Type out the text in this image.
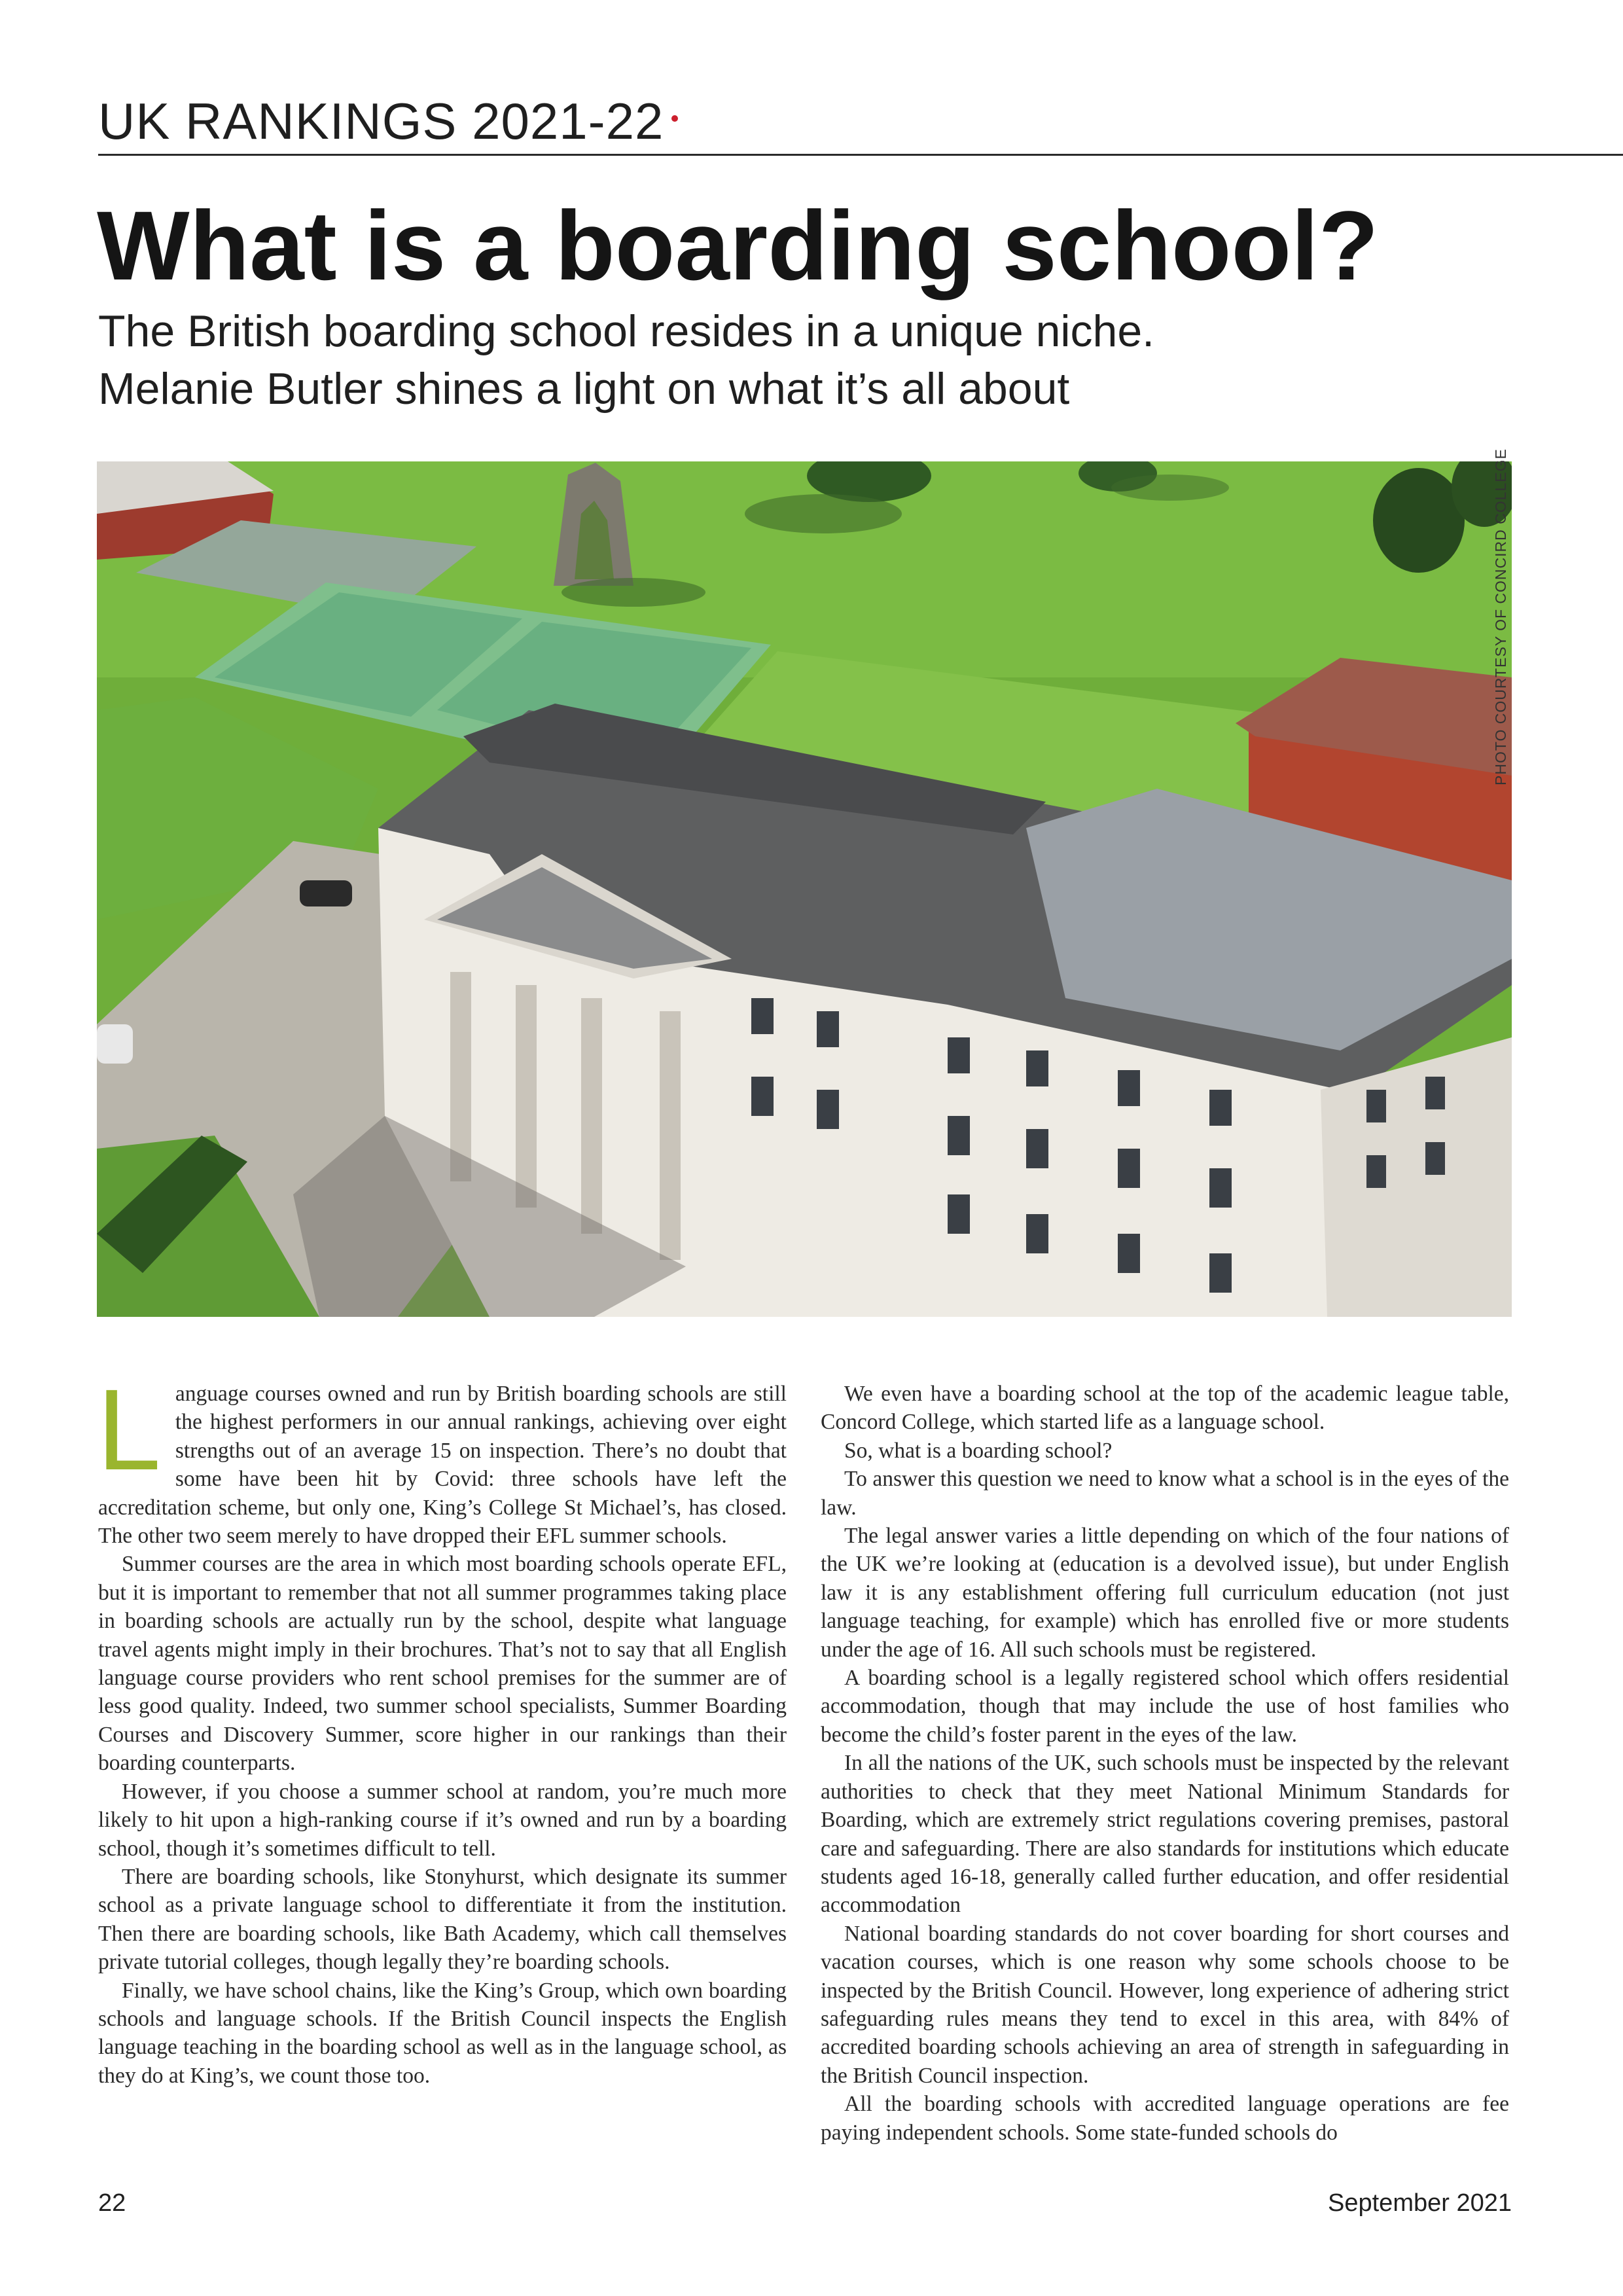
UK RANKINGS 2021-22
What is a boarding school?
The British boarding school resides in a unique niche.
Melanie Butler shines a light on what it’s all about
PHOTO COURTESY OF CONCIRD COLLEGE

Language courses owned and run by British boarding schools are still the highest performers in our annual rankings, achieving over eight strengths out of an average 15 on inspection. There’s no doubt that some have been hit by Covid: three schools have left the accreditation scheme, but only one, King’s College St Michael’s, has closed. The other two seem merely to have dropped their EFL summer schools.

Summer courses are the area in which most boarding schools operate EFL, but it is important to remember that not all summer programmes taking place in boarding schools are actually run by the school, despite what language travel agents might imply in their brochures. That’s not to say that all English language course providers who rent school premises for the summer are of less good quality. Indeed, two summer school specialists, Summer Boarding Courses and Discovery Summer, score higher in our rankings than their boarding counterparts.

However, if you choose a summer school at random, you’re much more likely to hit upon a high-ranking course if it’s owned and run by a boarding school, though it’s sometimes difficult to tell.

There are boarding schools, like Stonyhurst, which designate its summer school as a private language school to differentiate it from the institution. Then there are boarding schools, like Bath Academy, which call themselves private tutorial colleges, though legally they’re boarding schools.

Finally, we have school chains, like the King’s Group, which own boarding schools and language schools. If the British Council inspects the English language teaching in the boarding school as well as in the language school, as they do at King’s, we count those too.

We even have a boarding school at the top of the academic league table, Concord College, which started life as a language school.

So, what is a boarding school?

To answer this question we need to know what a school is in the eyes of the law.

The legal answer varies a little depending on which of the four nations of the UK we’re looking at (education is a devolved issue), but under English law it is any establishment offering full curriculum education (not just language teaching, for example) which has enrolled five or more students under the age of 16. All such schools must be registered.

A boarding school is a legally registered school which offers residential accommodation, though that may include the use of host families who become the child’s foster parent in the eyes of the law.

In all the nations of the UK, such schools must be inspected by the relevant authorities to check that they meet National Minimum Standards for Boarding, which are extremely strict regulations covering premises, pastoral care and safeguarding. There are also standards for institutions which educate students aged 16-18, generally called further education, and offer residential accommodation

National boarding standards do not cover boarding for short courses and vacation courses, which is one reason why some schools choose to be inspected by the British Council. However, long experience of adhering strict safeguarding rules means they tend to excel in this area, with 84% of accredited boarding schools achieving an area of strength in safeguarding in the British Council inspection.

All the boarding schools with accredited language operations are fee paying independent schools. Some state-funded schools do

22	September 2021
